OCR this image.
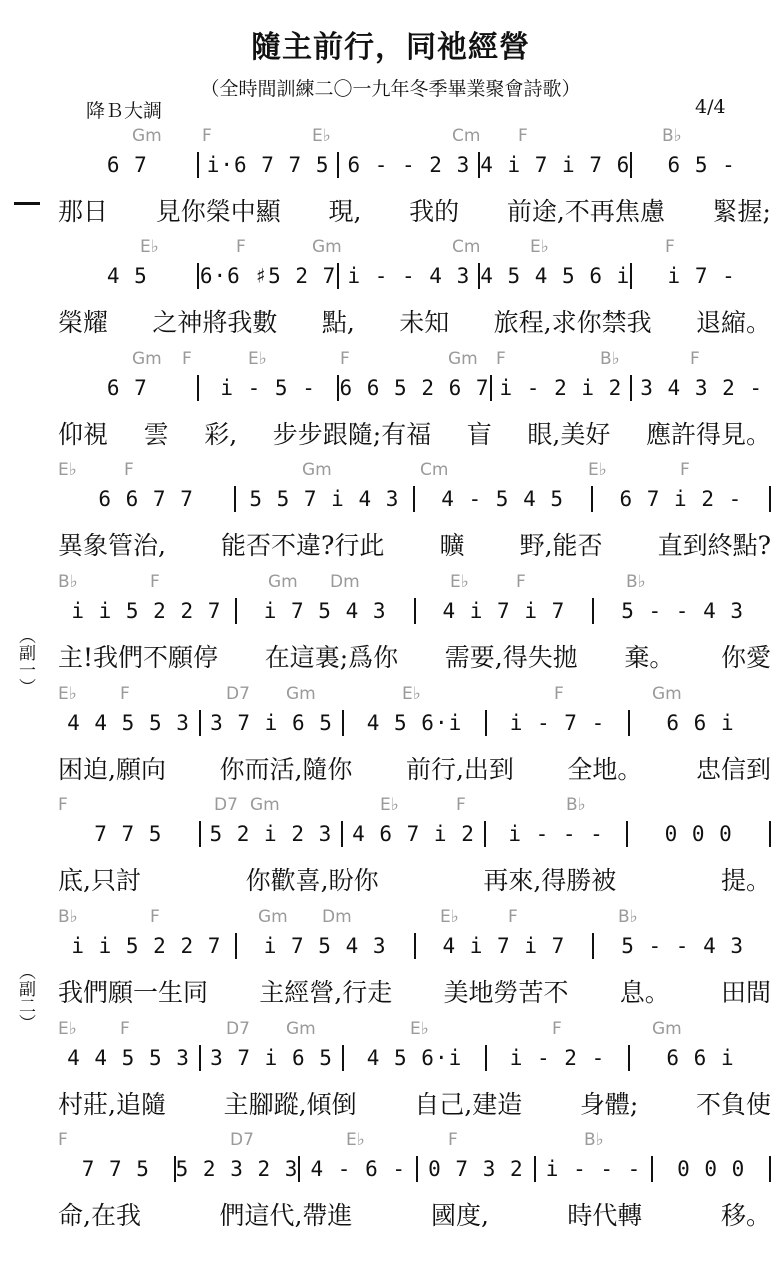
隨主前行，同祂經營
（全時間訓練二〇一九年冬季畢業聚會詩歌）
降Ｂ大調	4/4
（副一）
（副二）
Gm F	E♭	Cm F	B♭
6 7	i·6 7 7 5 6 - - 2 3 4 i 7 i 7 6	6 5 -
那日 見你榮中顯 現, 我的 前途,不再焦慮 緊握;
E♭	F	Gm	Cm	E♭	F
4 5	6·6 ♯5 2 7 i - - 4 3 4 5 4 5 6 i	i 7 -
榮耀 之神將我數 點, 未知 旅程,求你禁我 退縮。
Gm F	E♭	F	Gm F	B♭	F
6 7	i - 5 -	6 6 5 2 6 7 i - 2 i 2 3 4 3 2 -
仰視 雲 彩, 步步跟隨;有福 盲 眼,美好 應許得見。
E♭	F	Gm	Cm	E♭	F
6 6 7 7	5 5 7 i 4 3	4 - 5 4 5	6 7 i 2 -
異象管治, 能否不違?行此 曠 野,能否 直到終點?
B♭	F	Gm Dm	E♭	F	B♭
i i 5 2 2 7	i 7 5 4 3	4 i 7 i 7	5 - - 4 3
主!我們不願停 在這裏;爲你 需要,得失拋 棄。 你愛
E♭	F	D7 Gm	E♭	F	Gm
4 4 5 5 3 3 7 i 6 5	4 5 6·i	i - 7 -	6 6 i
困迫,願向 你而活,隨你 前行,出到 全地。 忠信到
F	D7 Gm	E♭	F	B♭
7 7 5	5 2 i 2 3 4 6 7 i 2	i - - -	0 0 0
底,只討	你歡喜,盼你	再來,得勝被	提。
B♭	F	Gm Dm	E♭	F	B♭
i i 5 2 2 7	i 7 5 4 3	4 i 7 i 7	5 - - 4 3
我們願一生同 主經營,行走 美地勞苦不 息。 田間
E♭	F	D7 Gm	E♭	F	Gm
4 4 5 5 3 3 7 i 6 5	4 5 6·i	i - 2 -	6 6 i
村莊,追隨 主腳蹤,傾倒 自己,建造 身體; 不負使
F	D7	E♭	F	B♭
7 7 5	5 2 3 2 3 4 - 6 -	0 7 3 2	i - - -	0 0 0
命,在我	們這代,帶進	國度,	時代轉	移。
